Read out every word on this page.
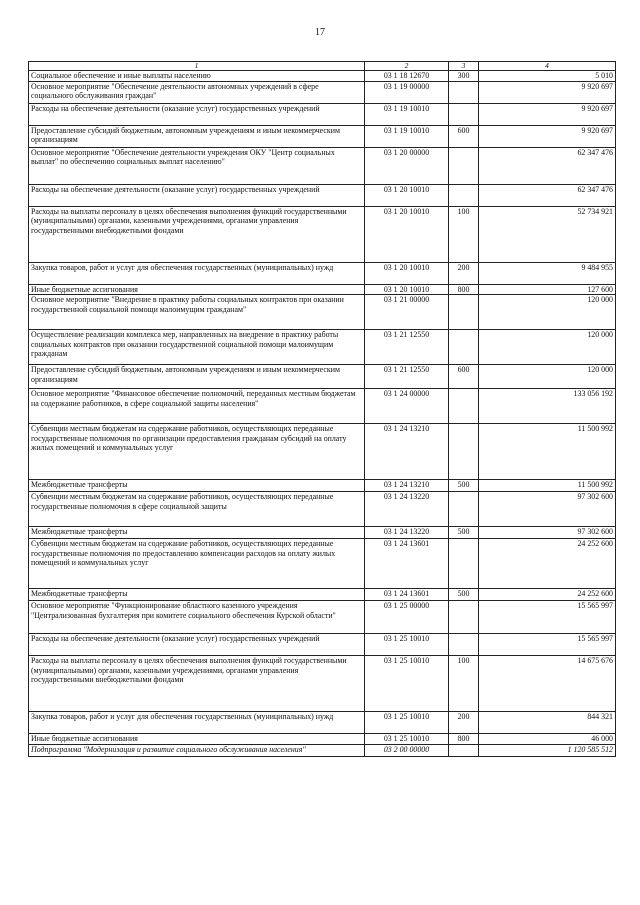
17
1	2	3	4
Социальное обеспечение и иные выплаты населению	03 1 18 12670	300	5 010
Основное мероприятие "Обеспечение деятельности автономных учреждений в сфере социального обслуживания граждан"	03 1 19 00000		9 920 697
Расходы на обеспечение деятельности (оказание услуг) государственных учреждений	03 1 19 10010		9 920 697
Предоставление субсидий бюджетным, автономным учреждениям и иным некоммерческим организациям	03 1 19 10010	600	9 920 697
Основное мероприятие "Обеспечение деятельности учреждения ОКУ "Центр социальных выплат" по обеспечению социальных выплат населению"	03 1 20 00000		62 347 476
Расходы на обеспечение деятельности (оказание услуг) государственных учреждений	03 1 20 10010		62 347 476
Расходы на выплаты персоналу в целях обеспечения выполнения функций государственными (муниципальными) органами, казенными учреждениями, органами управления государственными внебюджетными фондами	03 1 20 10010	100	52 734 921
Закупка товаров, работ и услуг для обеспечения государственных (муниципальных) нужд	03 1 20 10010	200	9 484 955
Иные бюджетные ассигнования	03 1 20 10010	800	127 600
Основное мероприятие "Внедрение в практику работы социальных контрактов при оказании государственной социальной помощи малоимущим гражданам"	03 1 21 00000		120 000
Осуществление реализации комплекса мер, направленных на внедрение в практику работы социальных контрактов при оказании государственной социальной помощи малоимущим гражданам	03 1 21 12550		120 000
Предоставление субсидий бюджетным, автономным учреждениям и иным некоммерческим организациям	03 1 21 12550	600	120 000
Основное мероприятие "Финансовое обеспечение полномочий, переданных местным бюджетам на содержание работников, в сфере социальной защиты населения"	03 1 24 00000		133 056 192
Субвенции местным бюджетам на содержание работников, осуществляющих переданные государственные полномочия по организации предоставления гражданам субсидий на оплату жилых помещений и коммунальных услуг	03 1 24 13210		11 500 992
Межбюджетные трансферты	03 1 24 13210	500	11 500 992
Субвенции местным бюджетам на содержание работников, осуществляющих переданные государственные полномочия в сфере социальной защиты	03 1 24 13220		97 302 600
Межбюджетные трансферты	03 1 24 13220	500	97 302 600
Субвенции местным бюджетам на содержание работников, осуществляющих переданные государственные полномочия по предоставлению компенсации расходов на оплату жилых помещений и коммунальных услуг	03 1 24 13601		24 252 600
Межбюджетные трансферты	03 1 24 13601	500	24 252 600
Основное мероприятие "Функционирование областного казенного учреждения "Централизованная бухгалтерия при комитете социального обеспечения Курской области"	03 1 25 00000		15 565 997
Расходы на обеспечение деятельности (оказание услуг) государственных учреждений	03 1 25 10010		15 565 997
Расходы на выплаты персоналу в целях обеспечения выполнения функций государственными (муниципальными) органами, казенными учреждениями, органами управления государственными внебюджетными фондами	03 1 25 10010	100	14 675 676
Закупка товаров, работ и услуг для обеспечения государственных (муниципальных) нужд	03 1 25 10010	200	844 321
Иные бюджетные ассигнования	03 1 25 10010	800	46 000
Подпрограмма "Модернизация и развитие социального обслуживания населения"	03 2 00 00000		1 120 585 512
